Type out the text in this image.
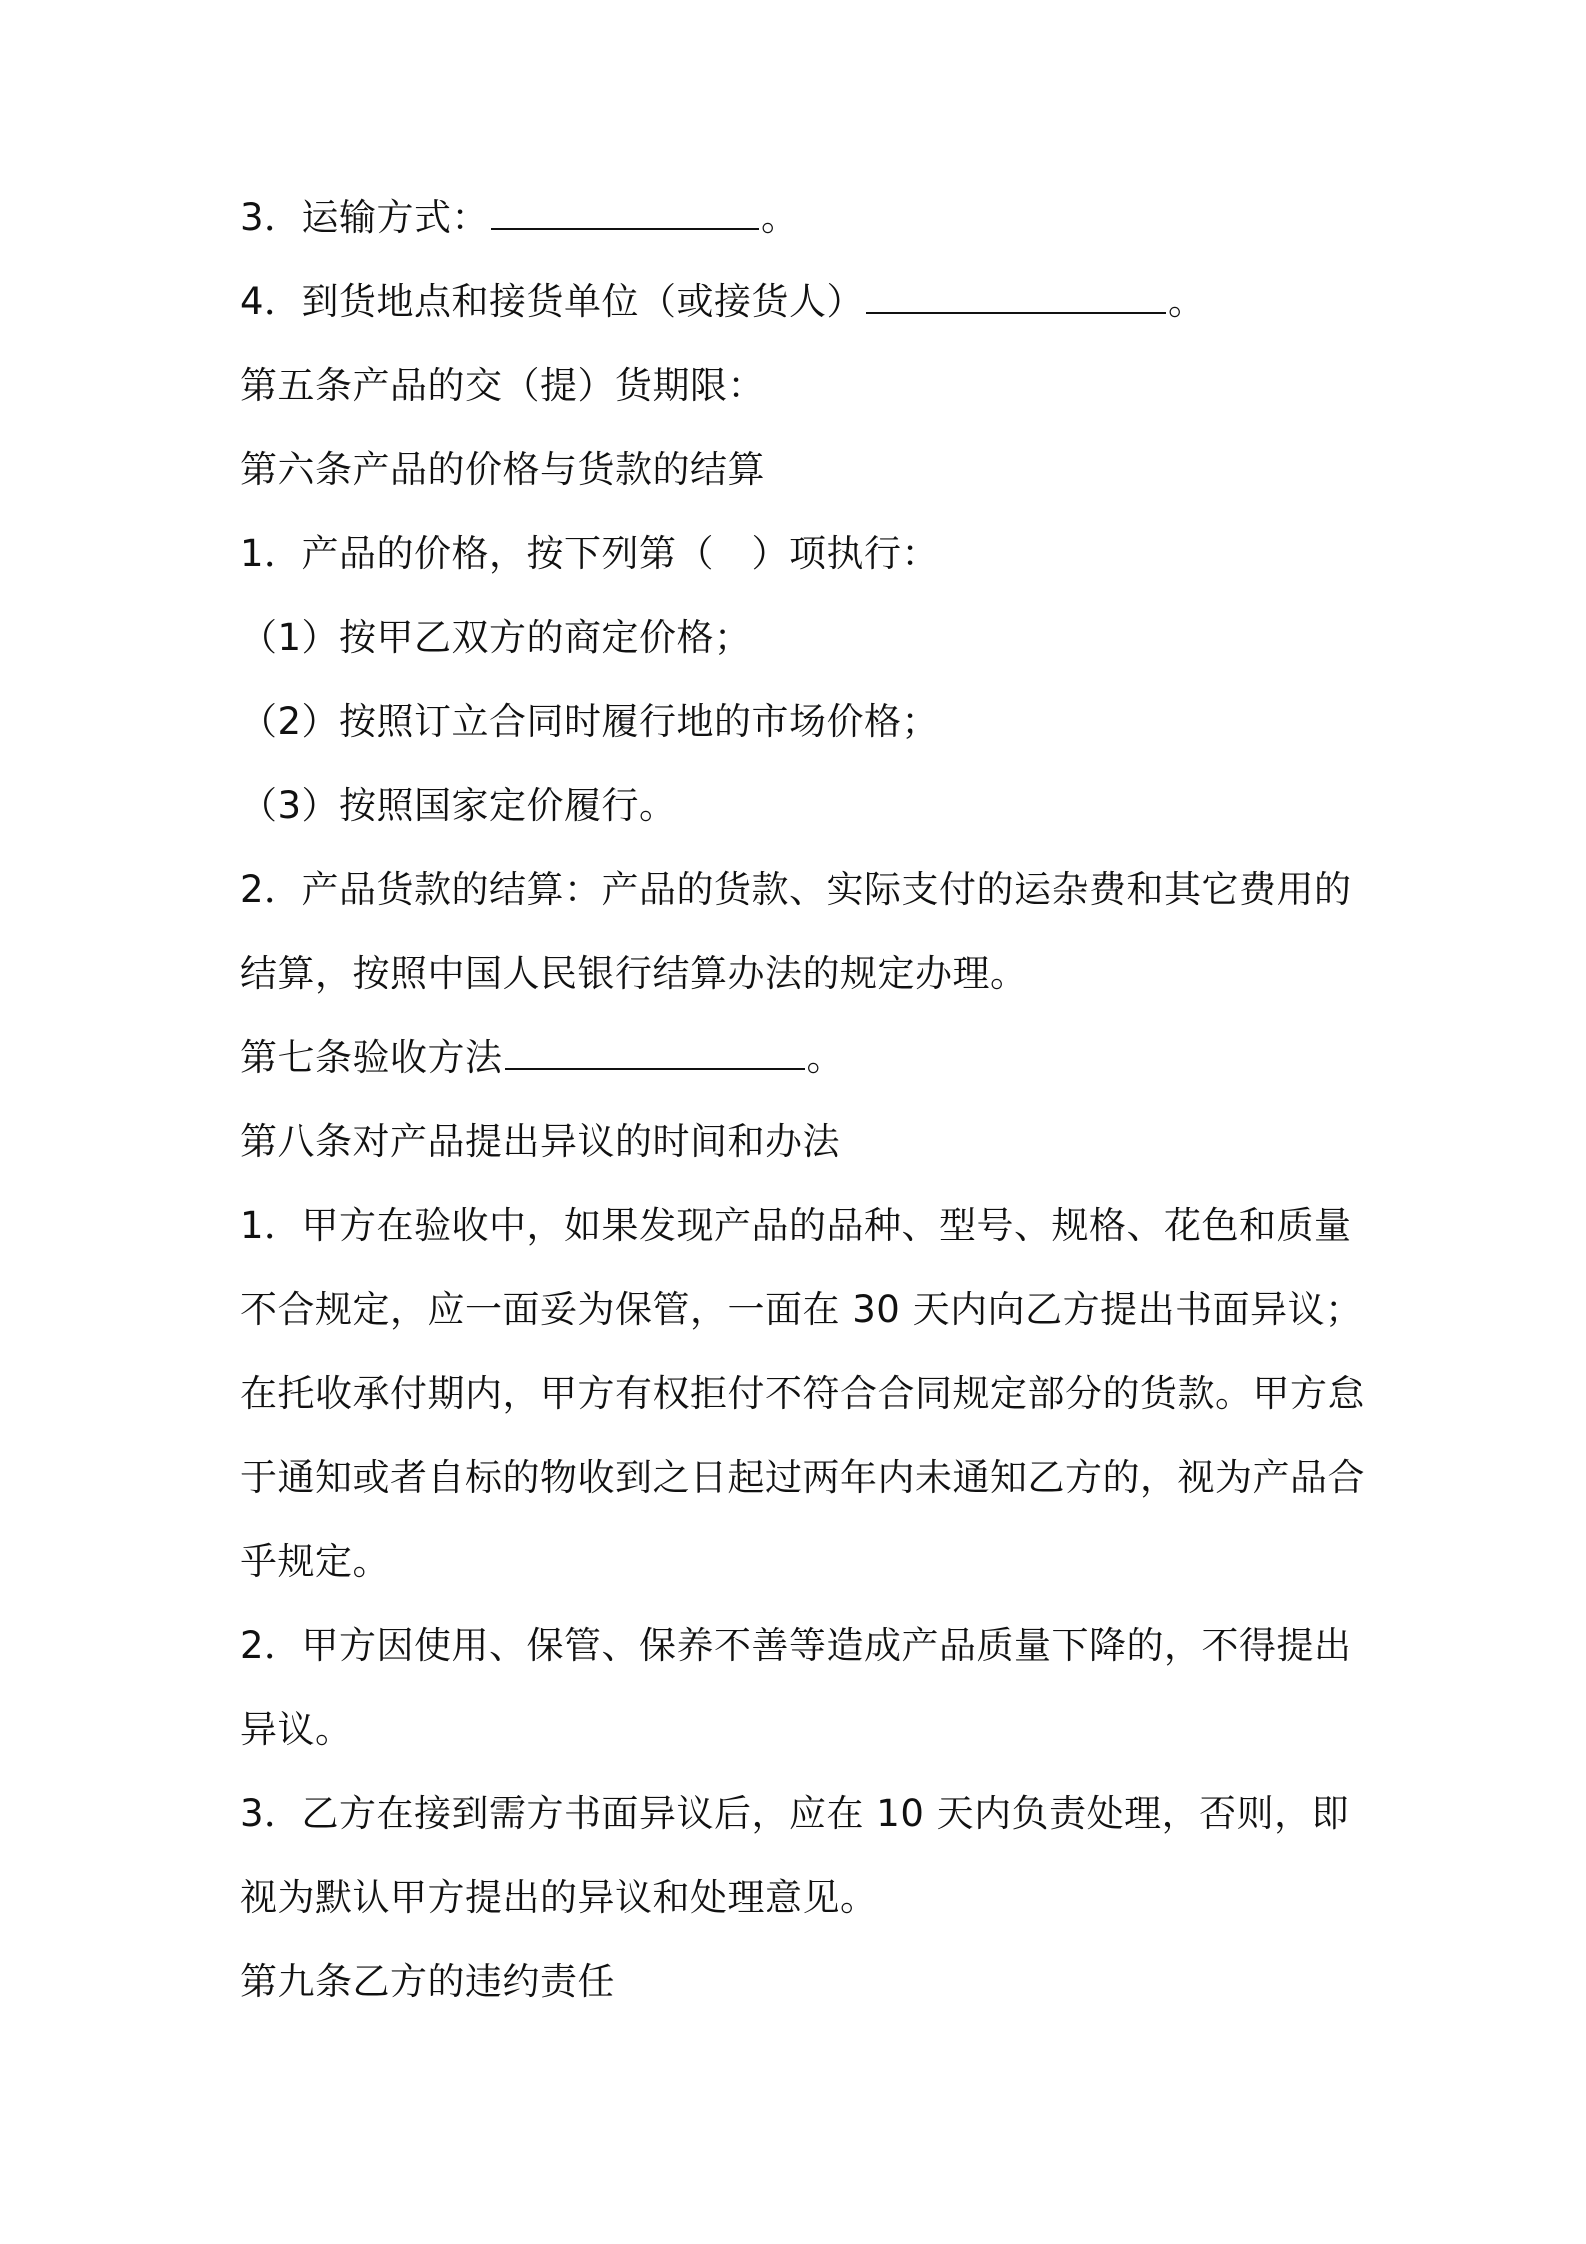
3．运输方式：	。
4．到货地点和接货单位（或接货人）	。
第五条产品的交（提）货期限：
第六条产品的价格与货款的结算
1．产品的价格，按下列第（　）项执行：
（1）按甲乙双方的商定价格；
（2）按照订立合同时履行地的市场价格；
（3）按照国家定价履行。
2．产品货款的结算：产品的货款、实际支付的运杂费和其它费用的
结算，按照中国人民银行结算办法的规定办理。
第七条验收方法	。
第八条对产品提出异议的时间和办法
1．甲方在验收中，如果发现产品的品种、型号、规格、花色和质量
不合规定，应一面妥为保管，一面在 30 天内向乙方提出书面异议；
在托收承付期内，甲方有权拒付不符合合同规定部分的货款。甲方怠
于通知或者自标的物收到之日起过两年内未通知乙方的，视为产品合
乎规定。
2．甲方因使用、保管、保养不善等造成产品质量下降的，不得提出
异议。
3．乙方在接到需方书面异议后，应在 10 天内负责处理，否则，即
视为默认甲方提出的异议和处理意见。
第九条乙方的违约责任
